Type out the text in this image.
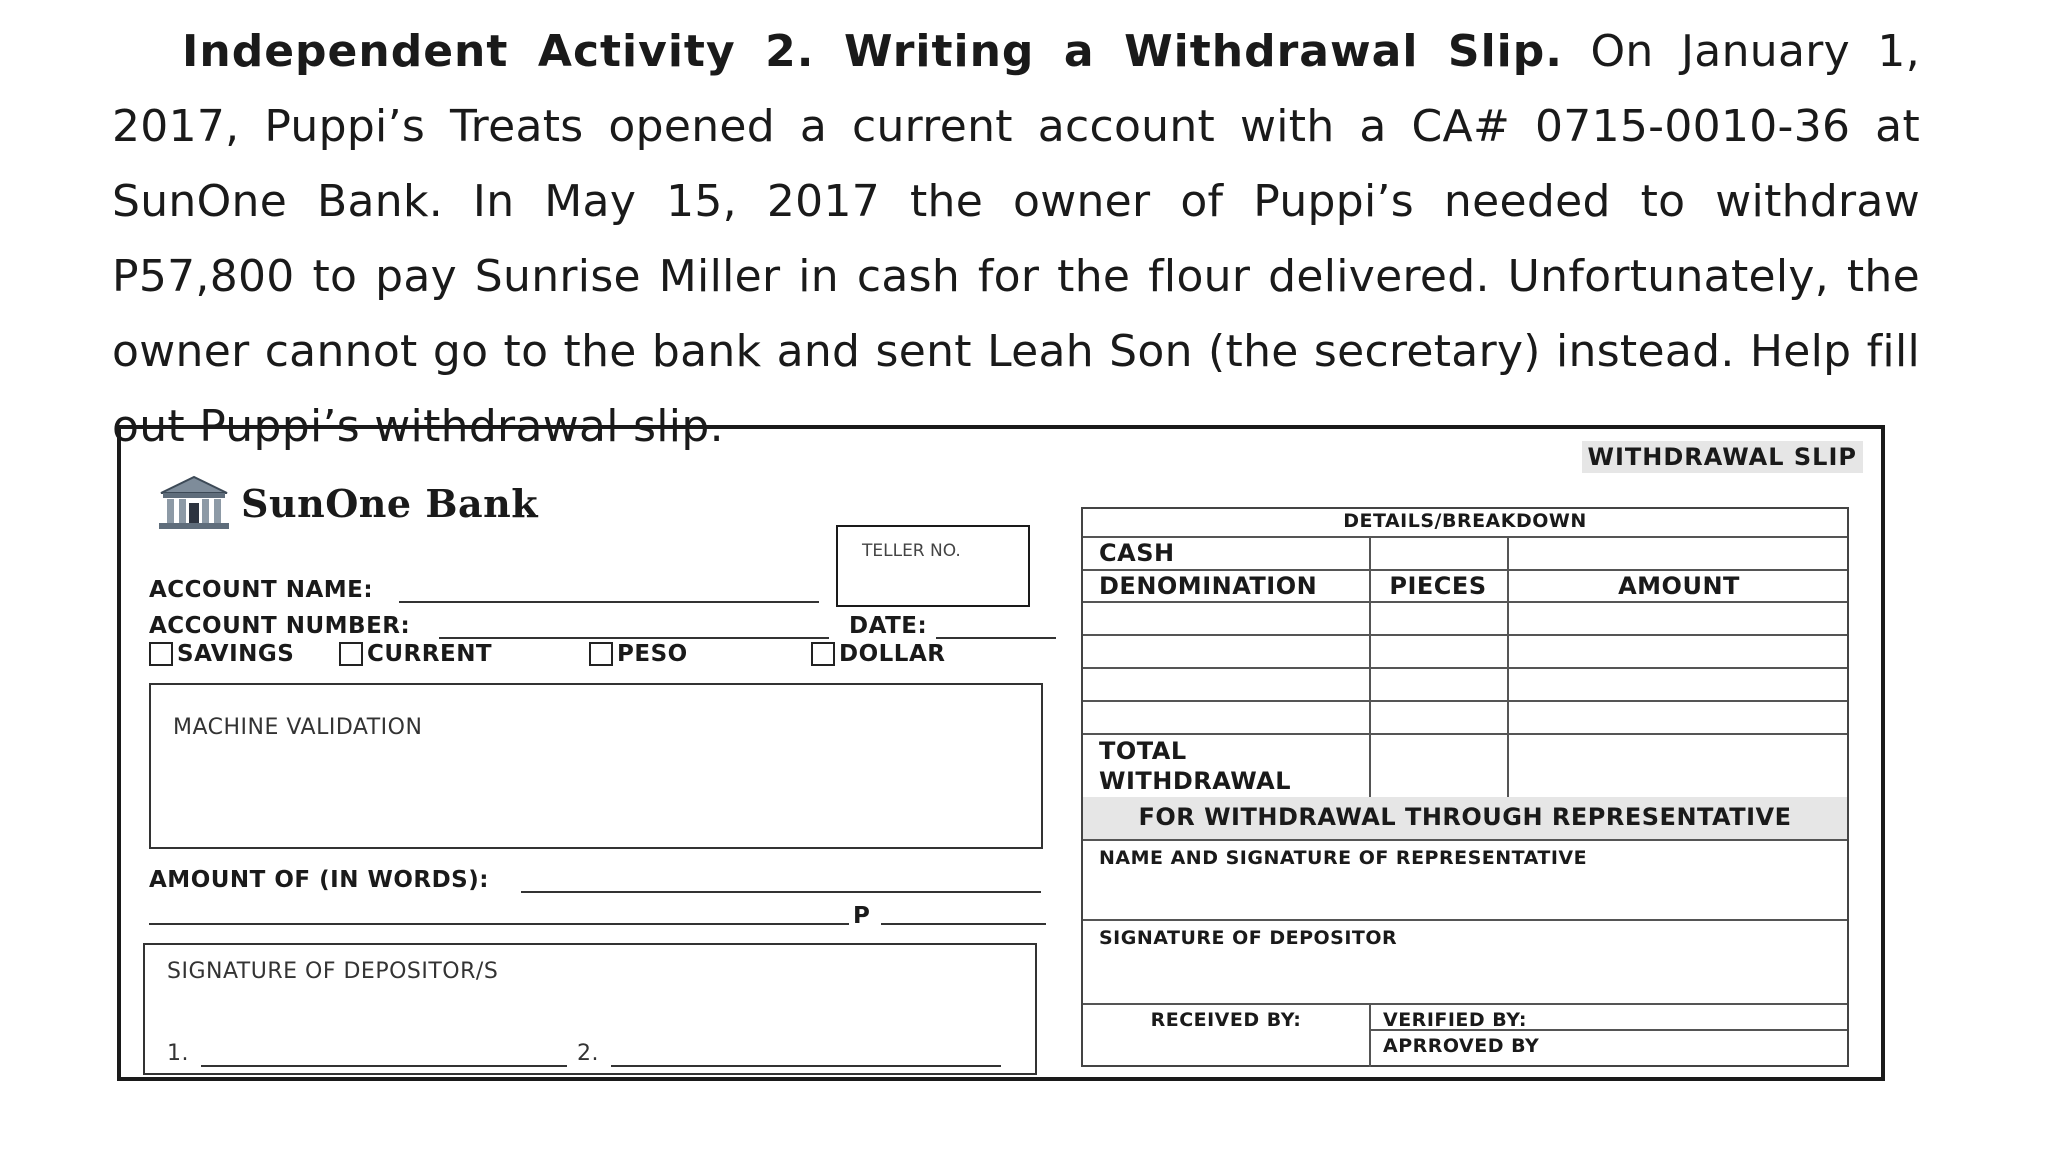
Independent Activity 2. Writing a Withdrawal Slip. On January 1, 2017, Puppi’s Treats opened a current account with a CA# 0715-0010-36 at SunOne Bank. In May 15, 2017 the owner of Puppi’s needed to withdraw P57,800 to pay Sunrise Miller in cash for the flour delivered. Unfortunately, the owner cannot go to the bank and sent Leah Son (the secretary) instead. Help fill out Puppi’s withdrawal slip.
WITHDRAWAL SLIP
SunOne Bank
TELLER NO.
ACCOUNT NAME:
ACCOUNT NUMBER:	DATE:
SAVINGS	CURRENT	PESO	DOLLAR
MACHINE VALIDATION
AMOUNT OF (IN WORDS):
P
SIGNATURE OF DEPOSITOR/S
1.	2.
DETAILS/BREAKDOWN
CASH
DENOMINATION	PIECES	AMOUNT
TOTAL
WITHDRAWAL
FOR WITHDRAWAL THROUGH REPRESENTATIVE
NAME AND SIGNATURE OF REPRESENTATIVE
SIGNATURE OF DEPOSITOR
RECEIVED BY:	VERIFIED BY:
APRROVED BY
